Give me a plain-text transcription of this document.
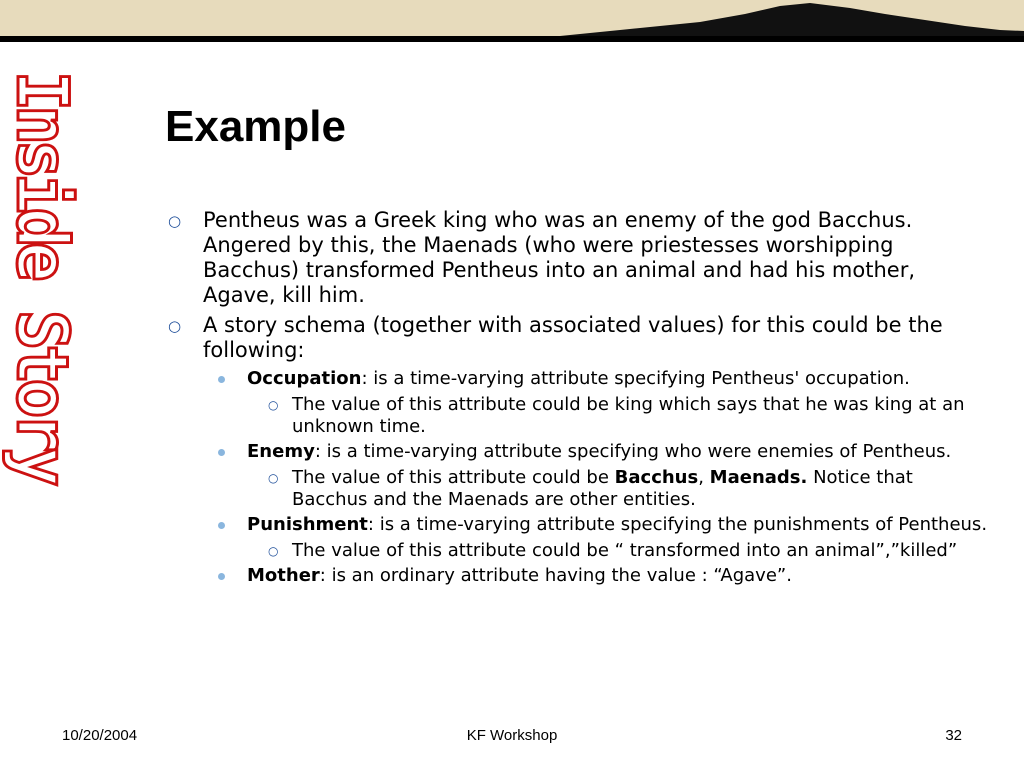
Inside Story Example
○ Pentheus was a Greek king who was an enemy of the god Bacchus. Angered by this, the Maenads (who were priestesses worshipping Bacchus) transformed Pentheus into an animal and had his mother, Agave, kill him.
○ A story schema (together with associated values) for this could be the following:
Occupation: is a time-varying attribute specifying Pentheus' occupation.
○ The value of this attribute could be king which says that he was king at an unknown time.
Enemy: is a time-varying attribute specifying who were enemies of Pentheus.
○ The value of this attribute could be Bacchus, Maenads. Notice that Bacchus and the Maenads are other entities.
Punishment: is a time-varying attribute specifying the punishments of Pentheus.
○ The value of this attribute could be “ transformed into an animal”,”killed”
Mother: is an ordinary attribute having the value : “Agave”.
10/20/2004	KF Workshop	32
